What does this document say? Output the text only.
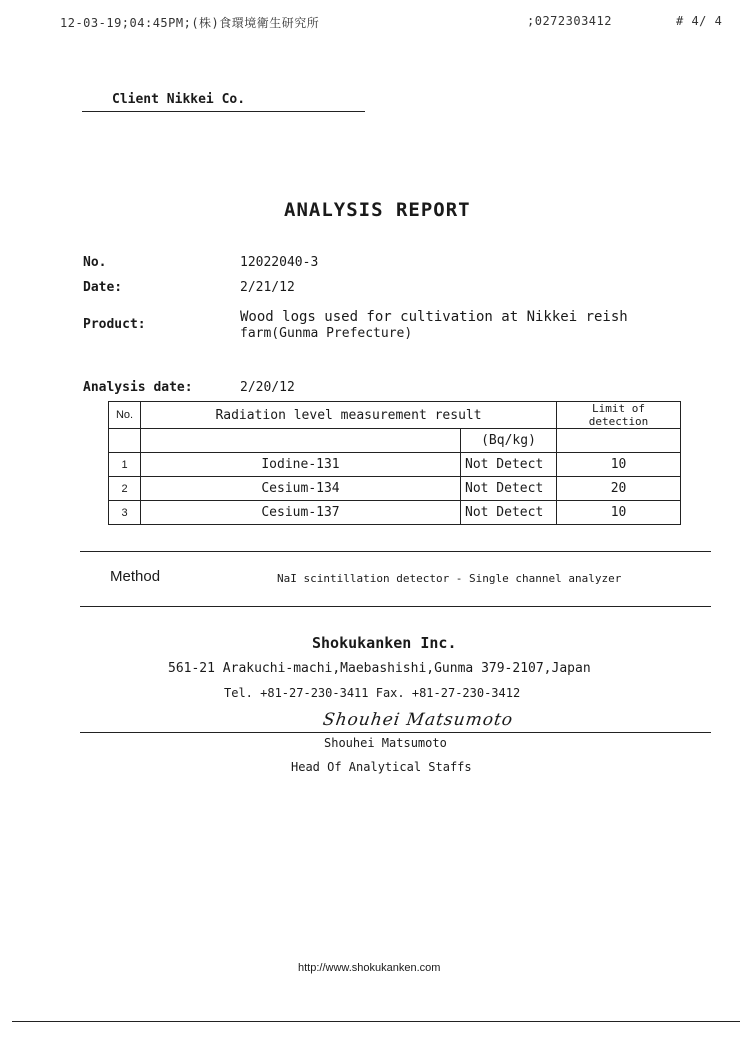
12-03-19;04:45PM;(株)食環境衛生研究所	;0272303412	# 4/ 4
Client Nikkei Co.
ANALYSIS REPORT
No.	12022040-3
Date:	2/21/12
Product:	Wood logs used for cultivation at Nikkei reish
farm(Gunma Prefecture)
Analysis date:	2/20/12
No.	Radiation level measurement result		Limit of detection
		(Bq/kg)	
1	Iodine-131	Not Detect	10
2	Cesium-134	Not Detect	20
3	Cesium-137	Not Detect	10
Method	NaI scintillation detector - Single channel analyzer
Shokukanken Inc.
561-21 Arakuchi-machi,Maebashishi,Gunma 379-2107,Japan
Tel. +81-27-230-3411 Fax. +81-27-230-3412
Shouhei Matsumoto
Shouhei Matsumoto
Head Of Analytical Staffs
http://www.shokukanken.com
